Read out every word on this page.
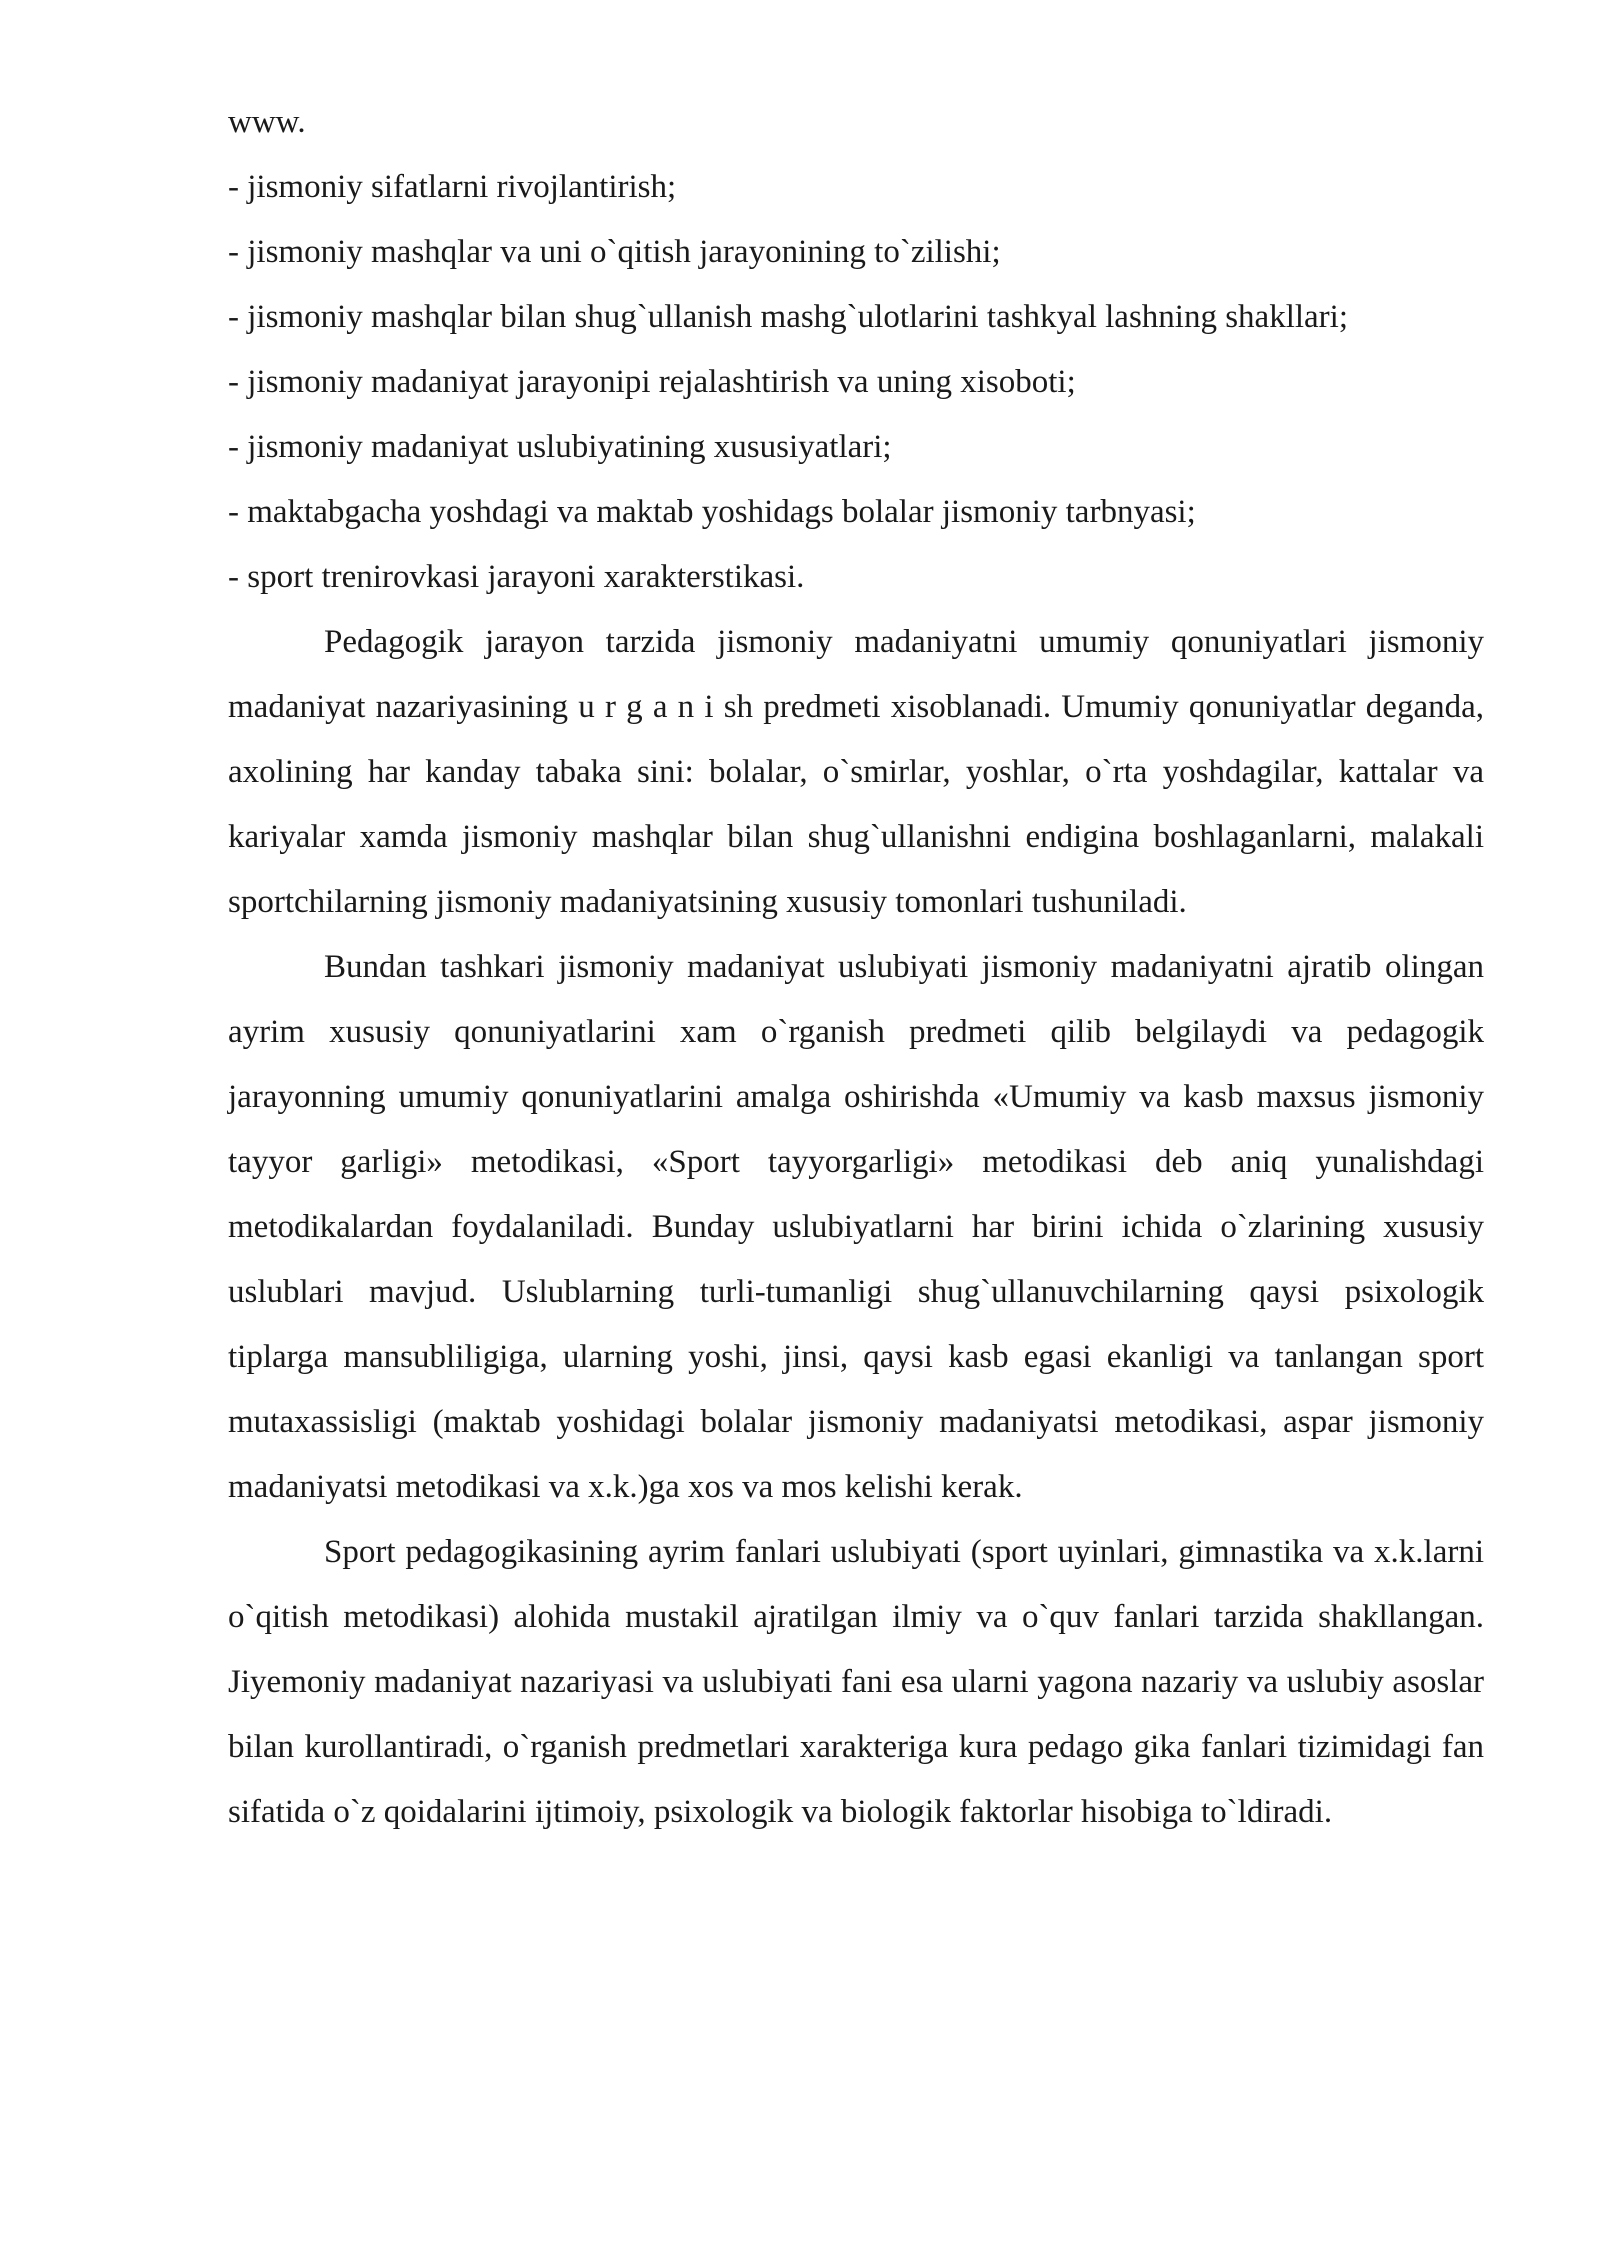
www.

- jismoniy sifatlarni rivojlantirish;

- jismoniy mashqlar va uni o`qitish jarayonining to`zilishi;

- jismoniy mashqlar bilan shug`ullanish mashg`ulotlarini tashkyal lashning shakllari;

- jismoniy madaniyat jarayonipi rejalashtirish va uning xisoboti;

- jismoniy madaniyat uslubiyatining xususiyatlari;

- maktabgacha yoshdagi va maktab yoshidags bolalar jismoniy tarbnyasi;

- sport trenirovkasi jarayoni xarakterstikasi.

Pedagogik jarayon tarzida jismoniy madaniyatni umumiy qonuniyatlari jismoniy madaniyat nazariyasining u r g a n i sh predmeti xisoblanadi. Umumiy qonuniyatlar deganda, axolining har kanday tabaka sini: bolalar, o`smirlar, yoshlar, o`rta yoshdagilar, kattalar va kariyalar xamda jismoniy mashqlar bilan shug`ullanishni endigina boshlaganlarni, malakali sportchilarning jismoniy madaniyatsining xususiy tomonlari tushuniladi.

Bundan tashkari jismoniy madaniyat uslubiyati jismoniy madaniyatni ajratib olingan ayrim xususiy qonuniyatlarini xam o`rganish predmeti qilib belgilaydi va pedagogik jarayonning umumiy qonuniyatlarini amalga oshirishda «Umumiy va kasb maxsus jismoniy tayyor garligi» metodikasi, «Sport tayyorgarligi» metodikasi deb aniq yunalishdagi metodikalardan foydalaniladi. Bunday uslubiyatlarni har birini ichida o`zlarining xususiy uslublari mavjud. Uslublarning turli-tumanligi shug`ullanuvchilarning qaysi psixologik tiplarga mansubliligiga, ularning yoshi, jinsi, qaysi kasb egasi ekanligi va tanlangan sport mutaxassisligi (maktab yoshidagi bolalar jismoniy madaniyatsi metodikasi, aspar jismoniy madaniyatsi metodikasi va x.k.)ga xos va mos kelishi kerak.

Sport pedagogikasining ayrim fanlari uslubiyati (sport uyinlari, gimnastika va x.k.larni o`qitish metodikasi) alohida mustakil ajratilgan ilmiy va o`quv fanlari tarzida shakllangan. Jiyemoniy madaniyat nazariyasi va uslubiyati fani esa ularni yagona nazariy va uslubiy asoslar bilan kurollantiradi, o`rganish predmetlari xarakteriga kura pedago gika fanlari tizimidagi fan sifatida o`z qoidalarini ijtimoiy, psixologik va biologik faktorlar hisobiga to`ldiradi.
